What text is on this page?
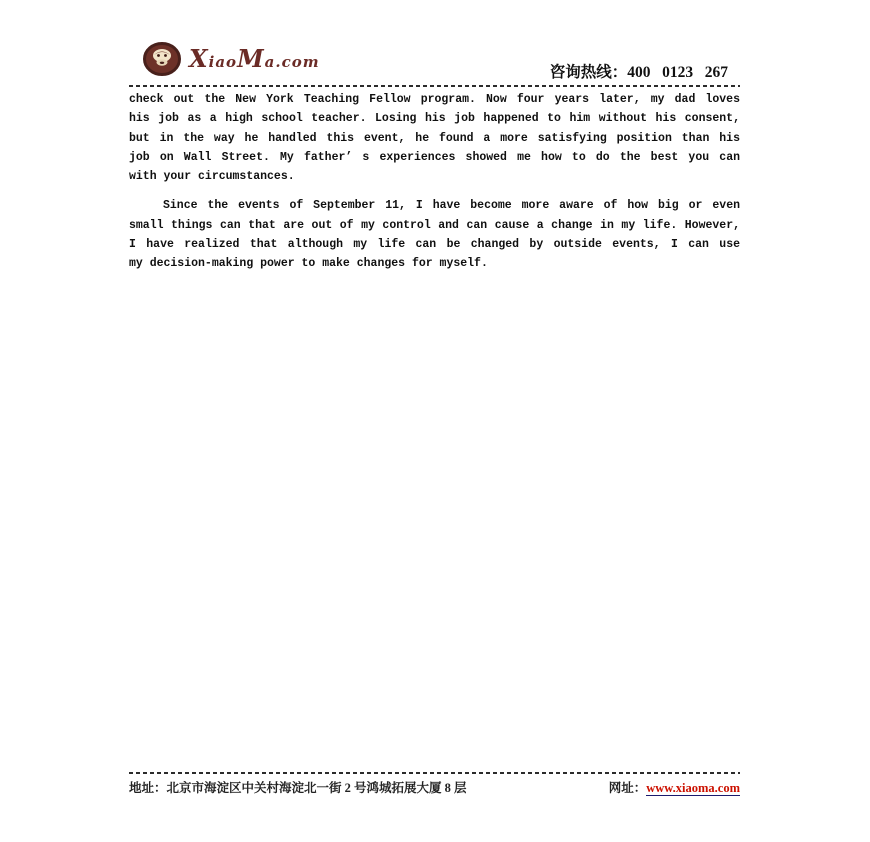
XiaoMa.com
咨询热线：400   0123   267
check out the New York Teaching Fellow program. Now four years later, my dad loves
his job as a high school teacher. Losing his job happened to him without his consent,
but in the way he handled this event, he found a more satisfying position than his
job on Wall Street. My father’ s experiences showed me how to do the best you can
with your circumstances.
Since the events of September 11, I have become more aware of how big or even
small things can that are out of my control and can cause a change in my life. However,
I have realized that although my life can be changed by outside events, I can use
my decision-making power to make changes for myself.
地址：北京市海淀区中关村海淀北一街 2 号鸿城拓展大厦 8 层	网址：www.xiaoma.com
